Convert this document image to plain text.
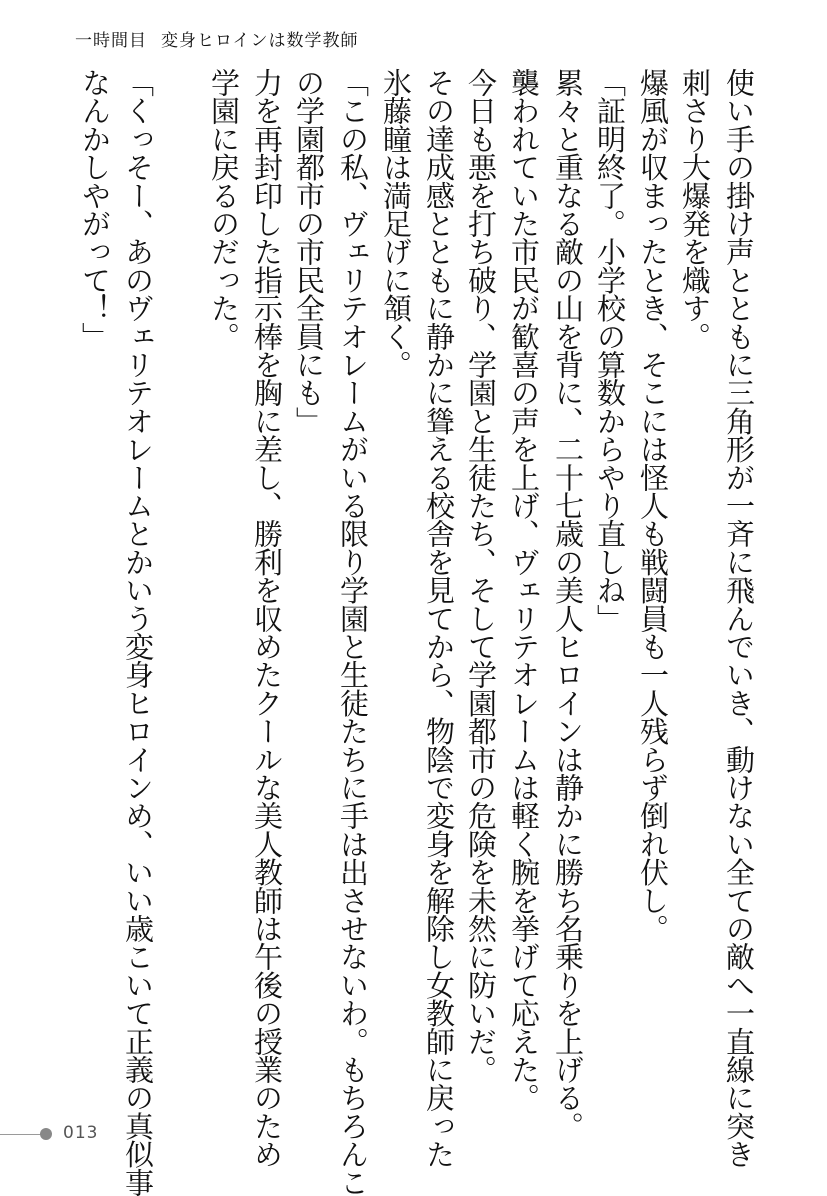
一時間目 変身ヒロインは数学教師
使い手の掛け声とともに三角形が一斉に飛んでいき、動けない全ての敵へ一直線に突き
刺さり大爆発を熾す。
爆風が収まったとき、そこには怪人も戦闘員も一人残らず倒れ伏し。
「証明終了。小学校の算数からやり直しね」
累々と重なる敵の山を背に、二十七歳の美人ヒロインは静かに勝ち名乗りを上げる。
襲われていた市民が歓喜の声を上げ、ヴェリテオレームは軽く腕を挙げて応えた。
今日も悪を打ち破り、学園と生徒たち、そして学園都市の危険を未然に防いだ。
その達成感とともに静かに聳える校舎を見てから、物陰で変身を解除し女教師に戻った
氷藤瞳は満足げに頷く。
「この私、ヴェリテオレームがいる限り学園と生徒たちに手は出させないわ。もちろんこ
の学園都市の市民全員にも」
力を再封印した指示棒を胸に差し、勝利を収めたクールな美人教師は午後の授業のため
学園に戻るのだった。
「くっそー、あのヴェリテオレームとかいう変身ヒロインめ、いい歳こいて正義の真似事
なんかしやがって！」
013
